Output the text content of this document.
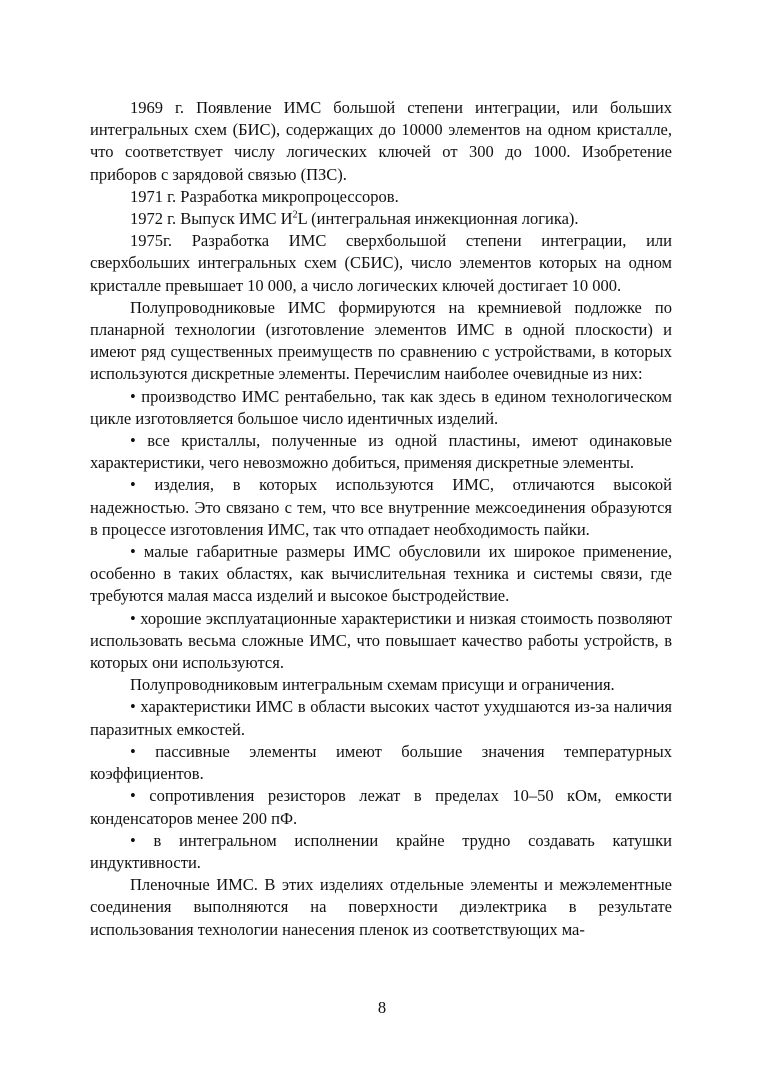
1969 г. Появление ИМС большой степени интеграции, или больших интегральных схем (БИС), содержащих до 10000 элементов на одном кристалле, что соответствует числу логических ключей от 300 до 1000. Изобретение приборов с зарядовой связью (ПЗС).

1971 г. Разработка микропроцессоров.

1972 г. Выпуск ИМС $И^2L$ (интегральная инжекционная логика).

1975г. Разработка ИМС сверхбольшой степени интеграции, или сверхбольших интегральных схем (СБИС), число элементов которых на одном кристалле превышает 10 000, а число логических ключей достигает 10 000.

Полупроводниковые ИМС формируются на кремниевой подложке по планарной технологии (изготовление элементов ИМС в одной плоскости) и имеют ряд существенных преимуществ по сравнению с устройствами, в которых используются дискретные элементы. Перечислим наиболее очевидные из них:

• производство ИМС рентабельно, так как здесь в едином технологическом цикле изготовляется большое число идентичных изделий.

• все кристаллы, полученные из одной пластины, имеют одинаковые характеристики, чего невозможно добиться, применяя дискретные элементы.

• изделия, в которых используются ИМС, отличаются высокой надежностью. Это связано с тем, что все внутренние межсоединения образуются в процессе изготовления ИМС, так что отпадает необходимость пайки.

• малые габаритные размеры ИМС обусловили их широкое применение, особенно в таких областях, как вычислительная техника и системы связи, где требуются малая масса изделий и высокое быстродействие.

• хорошие эксплуатационные характеристики и низкая стоимость позволяют использовать весьма сложные ИМС, что повышает качество работы устройств, в которых они используются.

Полупроводниковым интегральным схемам присущи и ограничения.

• характеристики ИМС в области высоких частот ухудшаются из-за наличия паразитных емкостей.

• пассивные элементы имеют большие значения температурных коэффициентов.

• сопротивления резисторов лежат в пределах 10–50 кОм, емкости конденсаторов менее 200 пФ.

• в интегральном исполнении крайне трудно создавать катушки индуктивности.

Пленочные ИМС. В этих изделиях отдельные элементы и межэлементные соединения выполняются на поверхности диэлектрика в результате использования технологии нанесения пленок из соответствующих ма-

8
